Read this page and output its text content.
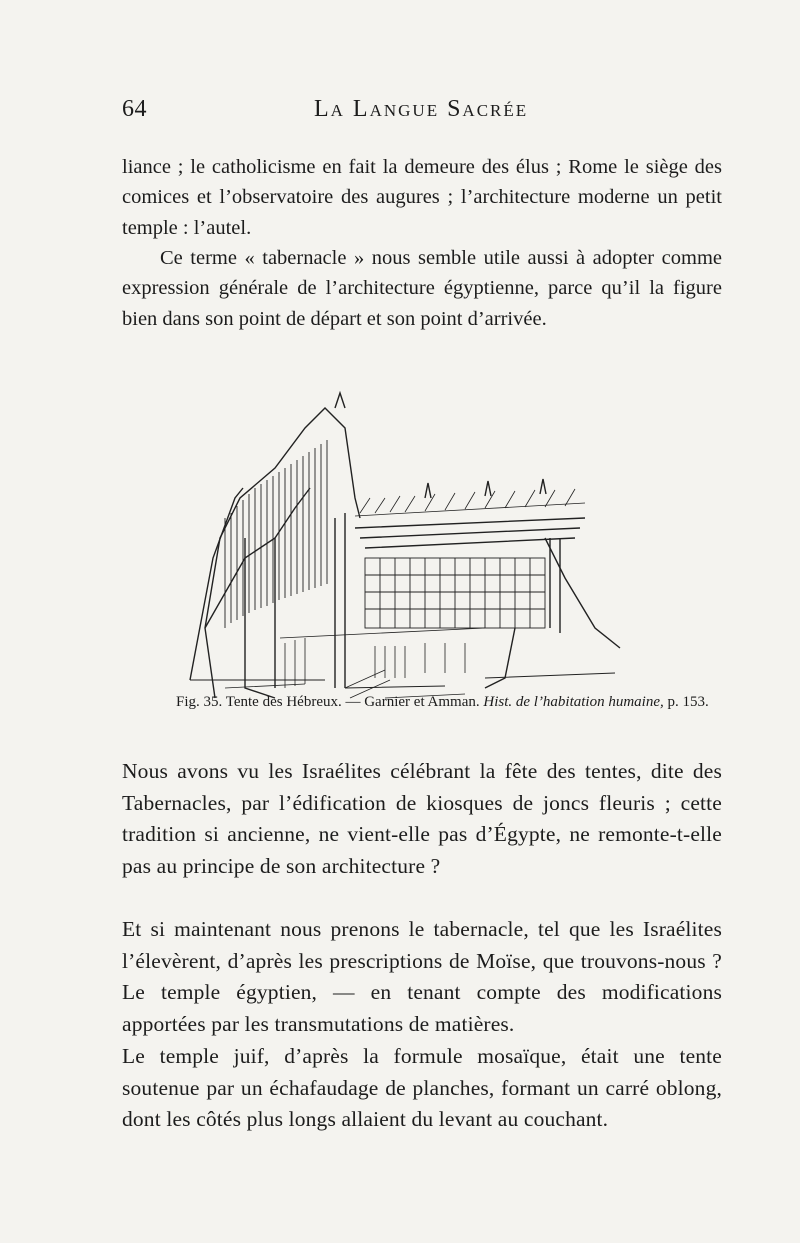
64	La Langue Sacrée

liance ; le catholicisme en fait la demeure des élus ; Rome le siège des comices et l’observatoire des augures ; l’architecture moderne un petit temple : l’autel.

Ce terme « tabernacle » nous semble utile aussi à adopter comme expression générale de l’architecture égyptienne, parce qu’il la figure bien dans son point de départ et son point d’arrivée.

Fig. 35. Tente des Hébreux. — Garnier et Amman. Hist. de l’habitation humaine, p. 153.

Nous avons vu les Israélites célébrant la fête des tentes, dite des Tabernacles, par l’édification de kiosques de joncs fleuris ; cette tradition si ancienne, ne vient-elle pas d’Égypte, ne remonte-t-elle pas au principe de son architecture ?

Et si maintenant nous prenons le tabernacle, tel que les Israélites l’élevèrent, d’après les prescriptions de Moïse, que trouvons-nous ? Le temple égyptien, — en tenant compte des modifications apportées par les transmutations de matières.

Le temple juif, d’après la formule mosaïque, était une tente soutenue par un échafaudage de planches, formant un carré oblong, dont les côtés plus longs allaient du levant au couchant.
